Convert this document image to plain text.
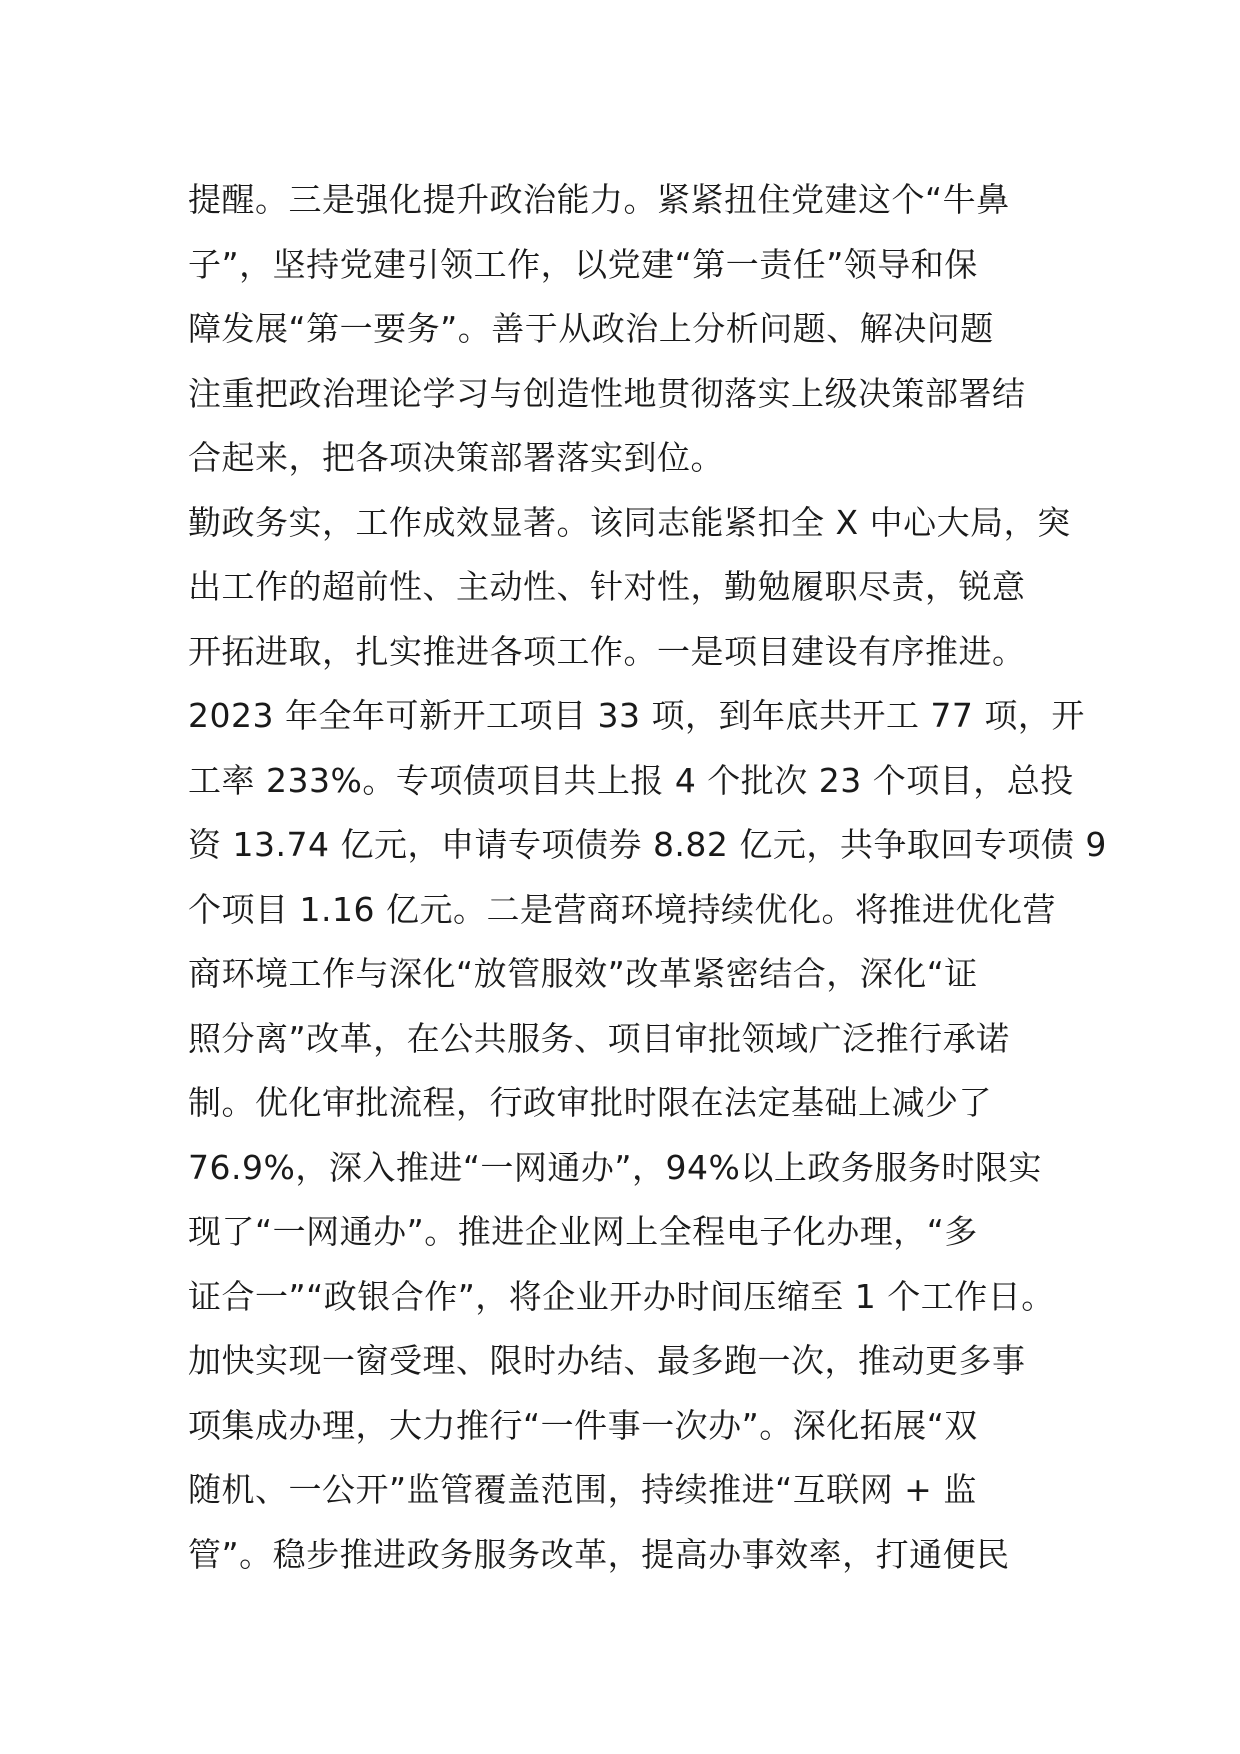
提醒。三是强化提升政治能力。紧紧扭住党建这个“牛鼻
子”，坚持党建引领工作，以党建“第一责任”领导和保
障发展“第一要务”。善于从政治上分析问题、解决问题
注重把政治理论学习与创造性地贯彻落实上级决策部署结
合起来，把各项决策部署落实到位。
勤政务实，工作成效显著。该同志能紧扣全 X 中心大局，突
出工作的超前性、主动性、针对性，勤勉履职尽责，锐意
开拓进取，扎实推进各项工作。一是项目建设有序推进。
2023 年全年可新开工项目 33 项，到年底共开工 77 项，开
工率 233%。专项债项目共上报 4 个批次 23 个项目，总投
资 13.74 亿元，申请专项债券 8.82 亿元，共争取回专项债 9
个项目 1.16 亿元。二是营商环境持续优化。将推进优化营
商环境工作与深化“放管服效”改革紧密结合，深化“证
照分离”改革，在公共服务、项目审批领域广泛推行承诺
制。优化审批流程，行政审批时限在法定基础上减少了
76.9%，深入推进“一网通办”，94%以上政务服务时限实
现了“一网通办”。推进企业网上全程电子化办理，“多
证合一”“政银合作”，将企业开办时间压缩至 1 个工作日。
加快实现一窗受理、限时办结、最多跑一次，推动更多事
项集成办理，大力推行“一件事一次办”。深化拓展“双
随机、一公开”监管覆盖范围，持续推进“互联网 + 监
管”。稳步推进政务服务改革，提高办事效率，打通便民
